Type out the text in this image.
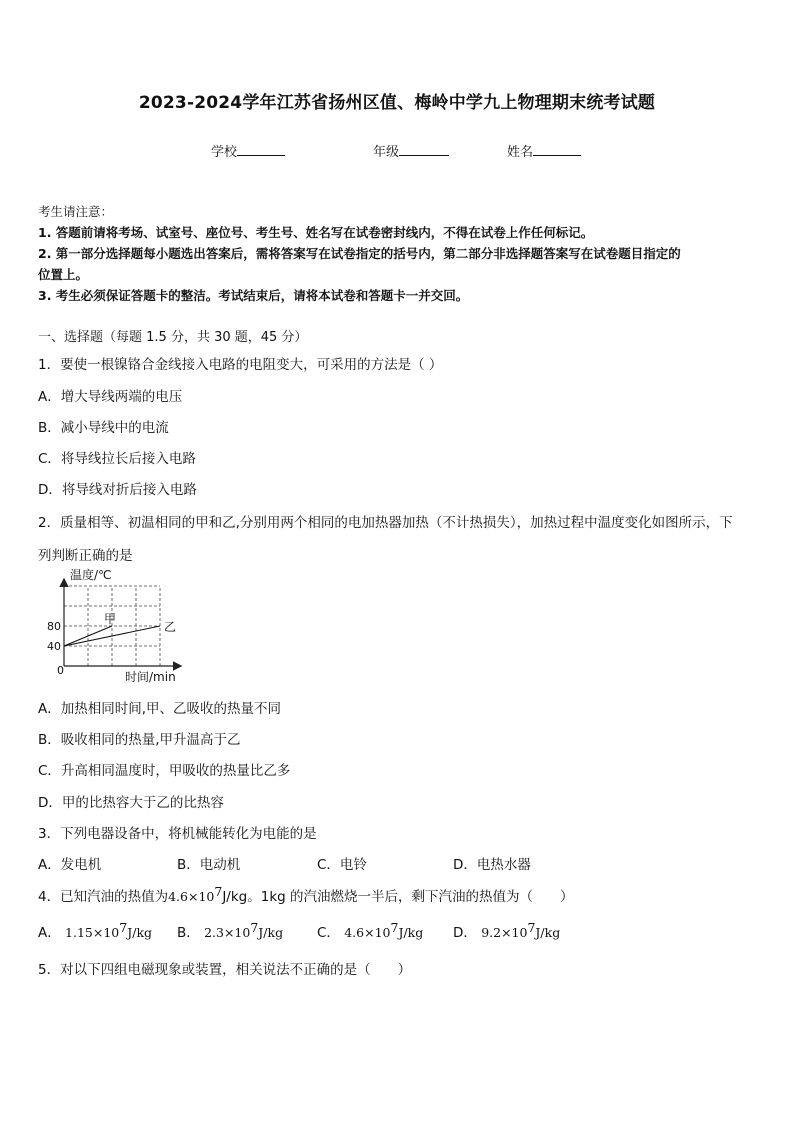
2023-2024学年江苏省扬州区值、梅岭中学九上物理期末统考试题
学校	年级	姓名
考生请注意：
1. 答题前请将考场、试室号、座位号、考生号、姓名写在试卷密封线内，不得在试卷上作任何标记。
2. 第一部分选择题每小题选出答案后，需将答案写在试卷指定的括号内，第二部分非选择题答案写在试卷题目指定的
位置上。
3. 考生必须保证答题卡的整洁。考试结束后，请将本试卷和答题卡一并交回。
一、选择题（每题 1.5 分，共 30 题，45 分）
1．要使一根镍铬合金线接入电路的电阻变大，可采用的方法是（ ）
A．增大导线两端的电压
B．减小导线中的电流
C．将导线拉长后接入电路
D．将导线对折后接入电路
2．质量相等、初温相同的甲和乙,分别用两个相同的电加热器加热（不计热损失），加热过程中温度变化如图所示，下
列判断正确的是
温度/℃
时间/min
0
40
80
甲
乙
A．加热相同时间,甲、乙吸收的热量不同
B．吸收相同的热量,甲升温高于乙
C．升高相同温度时，甲吸收的热量比乙多
D．甲的比热容大于乙的比热容
3．下列电器设备中，将机械能转化为电能的是
A．发电机	B．电动机	C．电铃	D．电热水器
4．已知汽油的热值为4.6×107J/kg。1kg 的汽油燃烧一半后，剩下汽油的热值为（　　）
A． 1.15×107J/kg B． 2.3×107J/kg	C． 4.6×107J/kg D． 9.2×107J/kg
5．对以下四组电磁现象或装置，相关说法不正确的是（　　）
